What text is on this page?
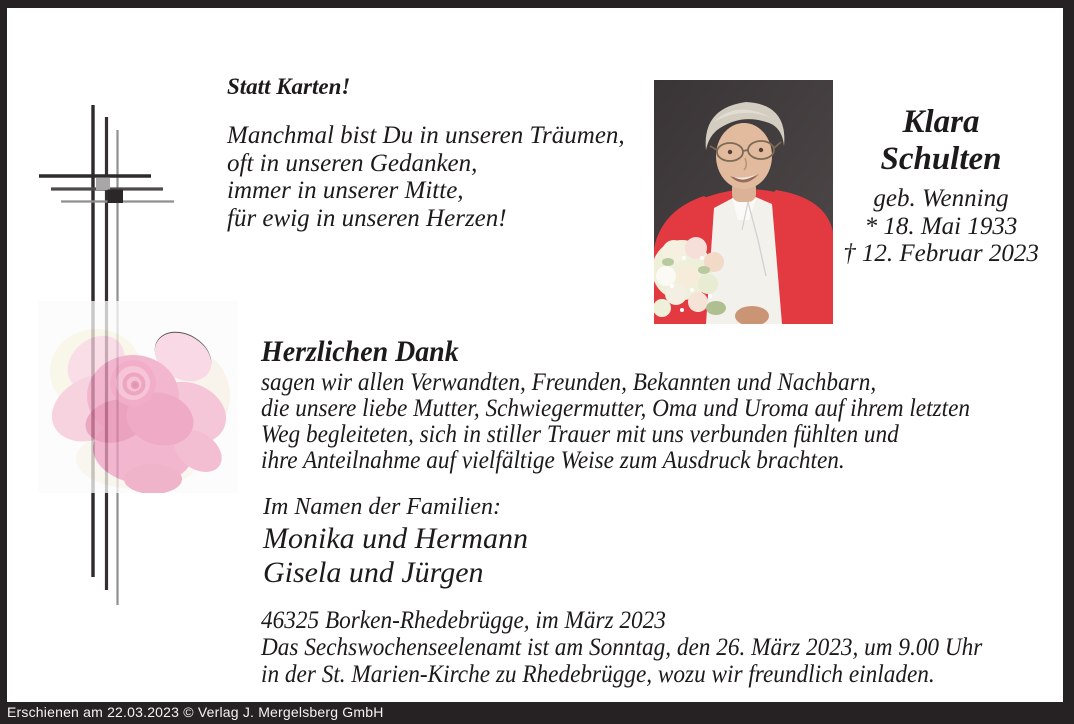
Statt Karten!
Manchmal bist Du in unseren Träumen,
oft in unseren Gedanken,
immer in unserer Mitte,
für ewig in unseren Herzen!
Klara
Schulten
geb. Wenning
* 18. Mai 1933
† 12. Februar 2023
Herzlichen Dank
sagen wir allen Verwandten, Freunden, Bekannten und Nachbarn,
die unsere liebe Mutter, Schwiegermutter, Oma und Uroma auf ihrem letzten
Weg begleiteten, sich in stiller Trauer mit uns verbunden fühlten und
ihre Anteilnahme auf vielfältige Weise zum Ausdruck brachten.
Im Namen der Familien:
Monika und Hermann
Gisela und Jürgen
46325 Borken-Rhedebrügge, im März 2023
Das Sechswochenseelenamt ist am Sonntag, den 26. März 2023, um 9.00 Uhr
in der St. Marien-Kirche zu Rhedebrügge, wozu wir freundlich einladen.
Erschienen am 22.03.2023 © Verlag J. Mergelsberg GmbH
